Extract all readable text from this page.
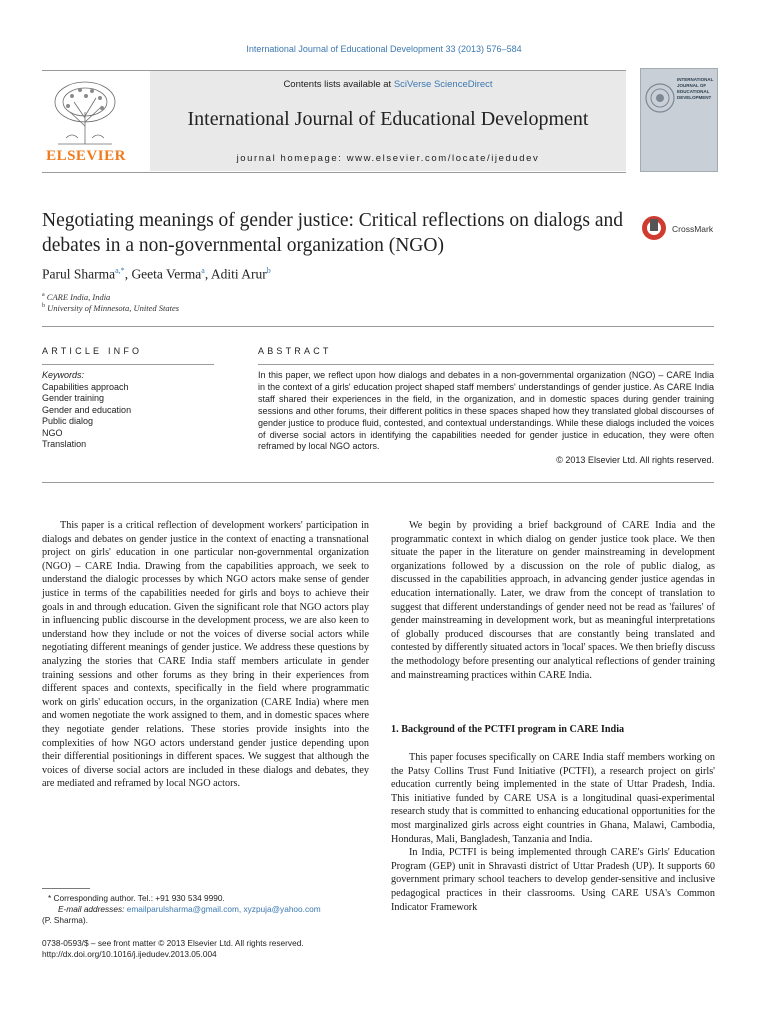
International Journal of Educational Development 33 (2013) 576–584
ELSEVIER
Contents lists available at SciVerse ScienceDirect
International Journal of Educational Development
journal homepage: www.elsevier.com/locate/ijedudev
INTERNATIONAL JOURNAL OF EDUCATIONAL DEVELOPMENT
Negotiating meanings of gender justice: Critical reflections on dialogs and debates in a non-governmental organization (NGO)
CrossMark
Parul Sharma$^{a,*}$, Geeta Verma$^a$, Aditi Arur$^b$
$^a$ CARE India, India
$^b$ University of Minnesota, United States
ARTICLE INFO	ABSTRACT
Keywords:
Capabilities approach
Gender training
Gender and education
Public dialog
NGO
Translation
In this paper, we reflect upon how dialogs and debates in a non-governmental organization (NGO) – CARE India in the context of a girls' education project shaped staff members' understandings of gender justice. As CARE India staff shared their experiences in the field, in the organization, and in domestic spaces during gender training sessions and other forums, their different politics in these spaces shaped how they translated global discourses of gender justice to produce fluid, contested, and contextual understandings. While these dialogs included the voices of diverse social actors in identifying the capabilities needed for gender justice in education, they were often reframed by local NGO actors.
© 2013 Elsevier Ltd. All rights reserved.

This paper is a critical reflection of development workers' participation in dialogs and debates on gender justice in the context of enacting a transnational project on girls' education in one particular non-governmental organization (NGO) – CARE India. Drawing from the capabilities approach, we seek to understand the dialogic processes by which NGO actors make sense of gender justice in terms of the capabilities needed for girls and boys to achieve their goals in and through education. Given the significant role that NGO actors play in influencing public discourse in the development process, we are also keen to understand how they include or not the voices of diverse social actors while negotiating different meanings of gender justice. We address these questions by analyzing the stories that CARE India staff members articulate in gender training sessions and other forums as they bring in their experiences from different spaces and contexts, specifically in the field where programmatic work on girls' education occurs, in the organization (CARE India) where men and women negotiate the work assigned to them, and in domestic spaces where they negotiate gender relations. These stories provide insights into the complexities of how NGO actors understand gender justice depending upon their differential positionings in different spaces. We suggest that although the voices of diverse social actors are included in these dialogs and debates, they are mediated and reframed by local NGO actors.

We begin by providing a brief background of CARE India and the programmatic context in which dialog on gender justice took place. We then situate the paper in the literature on gender mainstreaming in development organizations followed by a discussion on the role of public dialog, as discussed in the capabilities approach, in advancing gender justice agendas in education internationally. Later, we draw from the concept of translation to suggest that different understandings of gender need not be read as 'failures' of gender mainstreaming in development work, but as meaningful interpretations of globally produced discourses that are constantly being translated and contested by differently situated actors in 'local' spaces. We then briefly discuss the methodology before presenting our analytical reflections of gender training and mainstreaming practices within CARE India.

1. Background of the PCTFI program in CARE India

This paper focuses specifically on CARE India staff members working on the Patsy Collins Trust Fund Initiative (PCTFI), a research project on girls' education currently being implemented in the state of Uttar Pradesh, India. This initiative funded by CARE USA is a longitudinal quasi-experimental research study that is committed to enhancing educational opportunities for the most marginalized girls across eight countries in Ghana, Malawi, Cambodia, Honduras, Mali, Bangladesh, Tanzania and India.

In India, PCTFI is being implemented through CARE's Girls' Education Program (GEP) unit in Shravasti district of Uttar Pradesh (UP). It supports 60 government primary school teachers to develop gender-sensitive and inclusive pedagogical practices in their classrooms. Using CARE USA's Common Indicator Framework

* Corresponding author. Tel.: +91 930 534 9990.
E-mail addresses: emailparulsharma@gmail.com, xyzpuja@yahoo.com
(P. Sharma).
0738-0593/$ – see front matter © 2013 Elsevier Ltd. All rights reserved.
http://dx.doi.org/10.1016/j.ijedudev.2013.05.004
